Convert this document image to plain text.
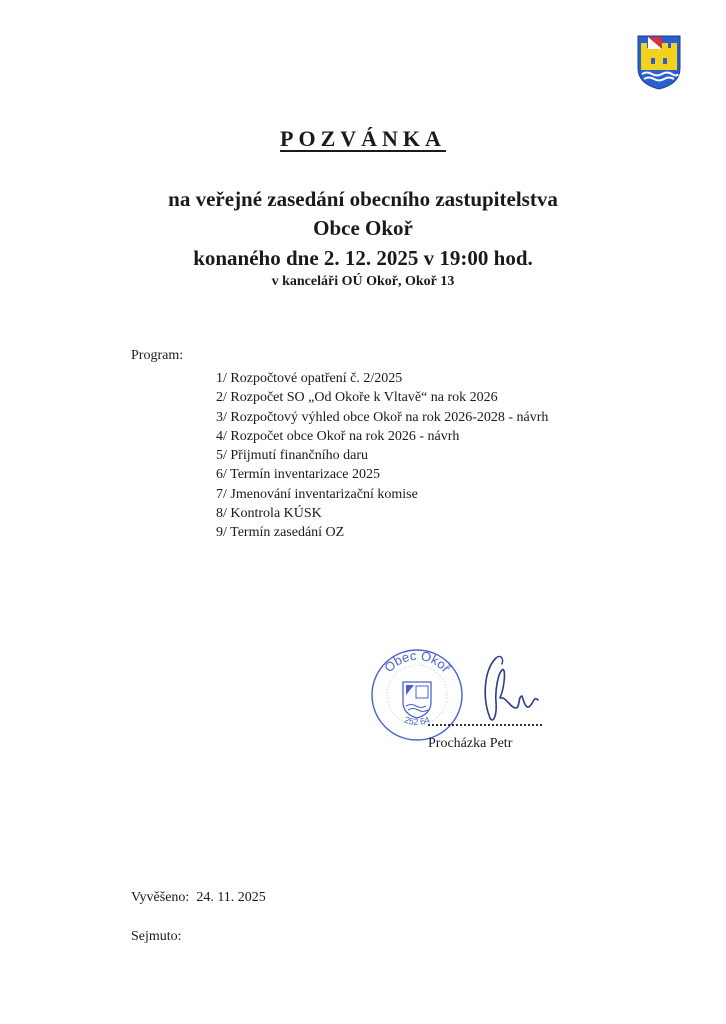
POZVÁNKA
na veřejné zasedání obecního zastupitelstva
Obce Okoř
konaného dne 2. 12. 2025 v 19:00 hod.
v kanceláři OÚ Okoř, Okoř 13
Program:
1/ Rozpočtové opatření č. 2/2025
2/ Rozpočet SO „Od Okoře k Vltavě“ na rok 2026
3/ Rozpočtový výhled obce Okoř na rok 2026-2028 - návrh
4/ Rozpočet obce Okoř na rok 2026 - návrh
5/ Přijmutí finančního daru
6/ Termín inventarizace 2025
7/ Jmenování inventarizační komise
8/ Kontrola KÚSK
9/ Termín zasedání OZ
Obec Okoř
252 64
Procházka Petr
Vyvěšeno: 24. 11. 2025
Sejmuto:
